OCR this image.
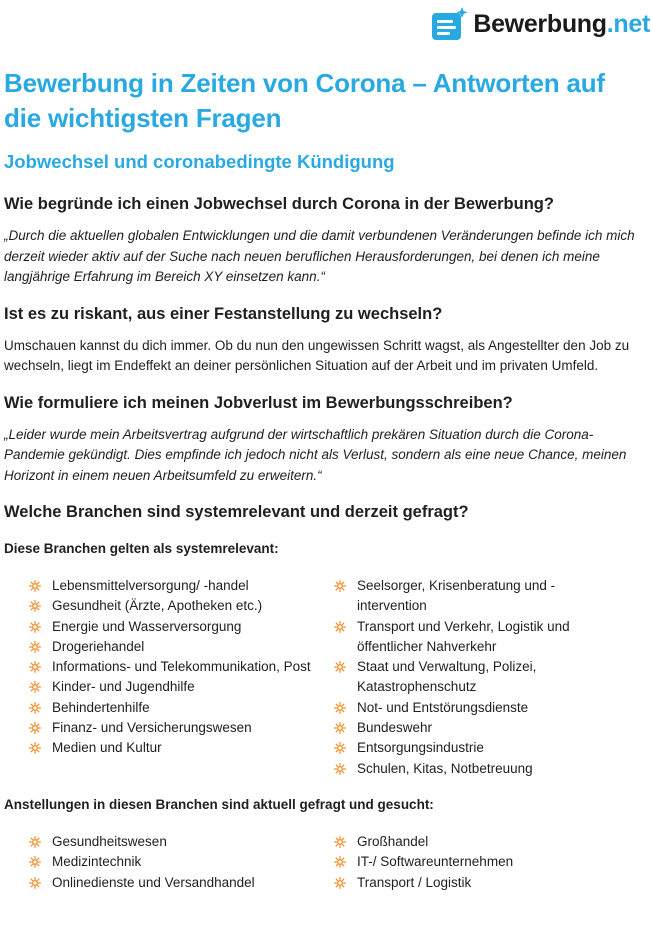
Bewerbung.net
Bewerbung in Zeiten von Corona – Antworten auf die wichtigsten Fragen
Jobwechsel und coronabedingte Kündigung
Wie begründe ich einen Jobwechsel durch Corona in der Bewerbung?

„Durch die aktuellen globalen Entwicklungen und die damit verbundenen Veränderungen befinde ich mich derzeit wieder aktiv auf der Suche nach neuen beruflichen Herausforderungen, bei denen ich meine langjährige Erfahrung im Bereich XY einsetzen kann.“

Ist es zu riskant, aus einer Festanstellung zu wechseln?

Umschauen kannst du dich immer. Ob du nun den ungewissen Schritt wagst, als Angestellter den Job zu wechseln, liegt im Endeffekt an deiner persönlichen Situation auf der Arbeit und im privaten Umfeld.

Wie formuliere ich meinen Jobverlust im Bewerbungsschreiben?

„Leider wurde mein Arbeitsvertrag aufgrund der wirtschaftlich prekären Situation durch die Corona-Pandemie gekündigt. Dies empfinde ich jedoch nicht als Verlust, sondern als eine neue Chance, meinen Horizont in einem neuen Arbeitsumfeld zu erweitern.“

Welche Branchen sind systemrelevant und derzeit gefragt?
Diese Branchen gelten als systemrelevant:
Lebensmittelversorgung/ -handel
Gesundheit (Ärzte, Apotheken etc.)
Energie und Wasserversorgung
Drogeriehandel
Informations- und Telekommunikation, Post
Kinder- und Jugendhilfe
Behindertenhilfe
Finanz- und Versicherungswesen
Medien und Kultur
Seelsorger, Krisenberatung und -intervention
Transport und Verkehr, Logistik und öffentlicher Nahverkehr
Staat und Verwaltung, Polizei, Katastrophenschutz
Not- und Entstörungsdienste
Bundeswehr
Entsorgungsindustrie
Schulen, Kitas, Notbetreuung
Anstellungen in diesen Branchen sind aktuell gefragt und gesucht:
Gesundheitswesen
Medizintechnik
Onlinedienste und Versandhandel
Großhandel
IT-/ Softwareunternehmen
Transport / Logistik
